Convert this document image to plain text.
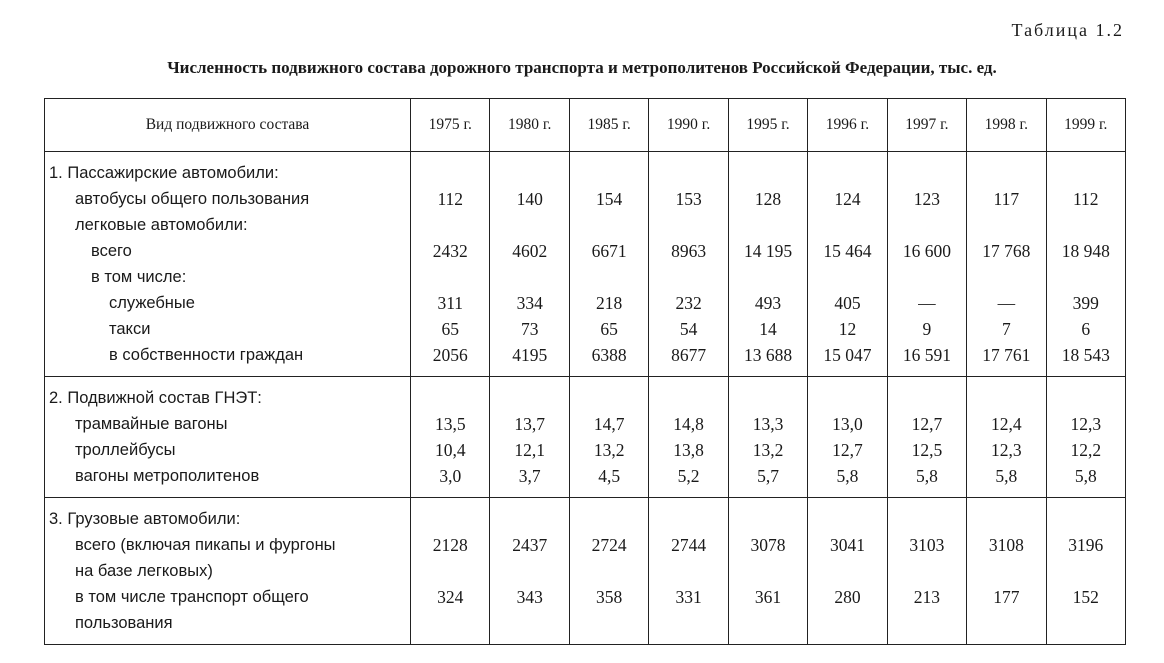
Таблица 1.2
Численность подвижного состава дорожного транспорта и метрополитенов Российской Федерации, тыс. ед.
Вид подвижного состава	1975 г.	1980 г.	1985 г.	1990 г.	1995 г.	1996 г.	1997 г.	1998 г.	1999 г.
1. Пассажирские автомобили:									
автобусы общего пользования	112	140	154	153	128	124	123	117	112
легковые автомобили:									
всего	2432	4602	6671	8963	14 195	15 464	16 600	17 768	18 948
в том числе:									
служебные	311	334	218	232	493	405	—	—	399
такси	65	73	65	54	14	12	9	7	6
в собственности граждан	2056	4195	6388	8677	13 688	15 047	16 591	17 761	18 543
2. Подвижной состав ГНЭТ:									
трамвайные вагоны	13,5	13,7	14,7	14,8	13,3	13,0	12,7	12,4	12,3
троллейбусы	10,4	12,1	13,2	13,8	13,2	12,7	12,5	12,3	12,2
вагоны метрополитенов	3,0	3,7	4,5	5,2	5,7	5,8	5,8	5,8	5,8
3. Грузовые автомобили:									
всего (включая пикапы и фургоны	2128	2437	2724	2744	3078	3041	3103	3108	3196
на базе легковых)									
в том числе транспорт общего	324	343	358	331	361	280	213	177	152
пользования									
